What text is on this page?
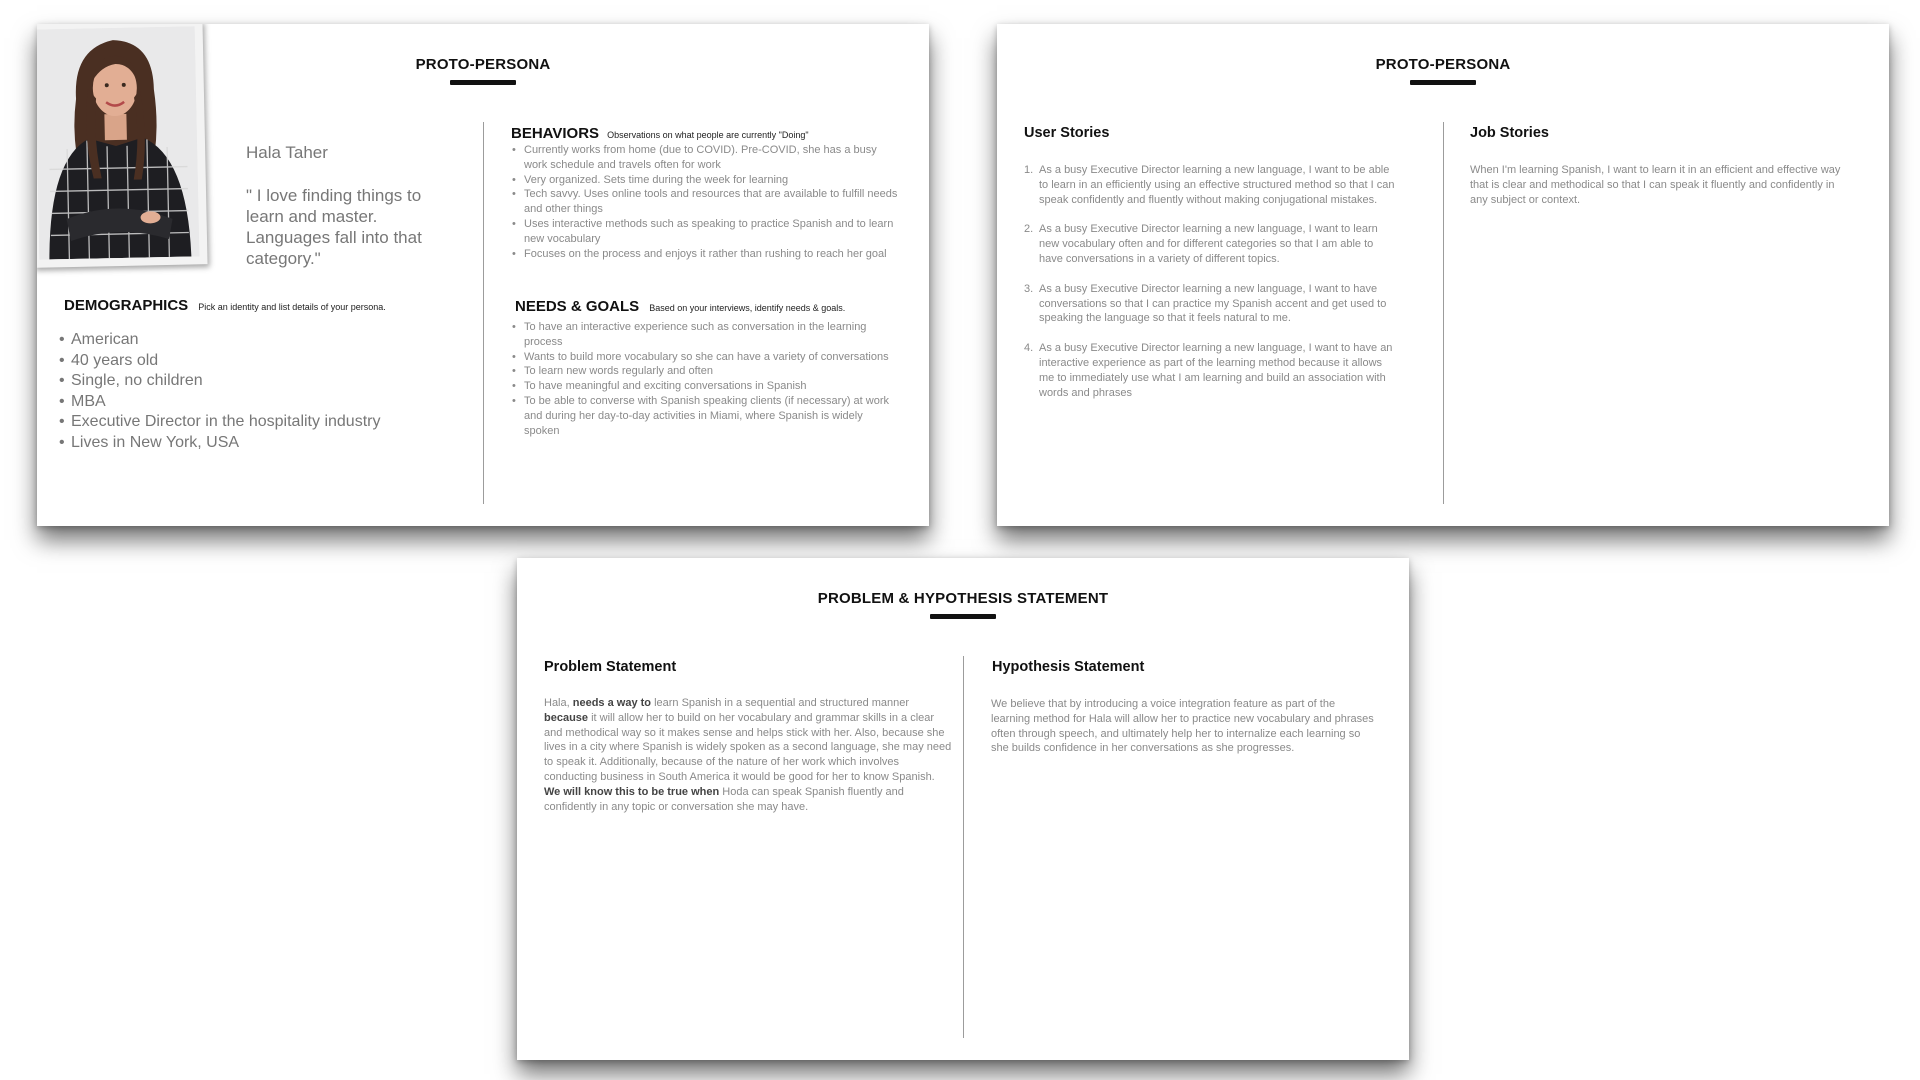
PROTO-PERSONA
Hala Taher
" I love finding things to learn and master. Languages fall into that category."
DEMOGRAPHICS Pick an identity and list details of your persona.
• American
• 40 years old
• Single, no children
• MBA
• Executive Director in the hospitality industry
• Lives in New York, USA
BEHAVIORS Observations on what people are currently "Doing"
• Currently works from home (due to COVID). Pre-COVID, she has a busy work schedule and travels often for work
• Very organized. Sets time during the week for learning
• Tech savvy. Uses online tools and resources that are available to fulfill needs and other things
• Uses interactive methods such as speaking to practice Spanish and to learn new vocabulary
• Focuses on the process and enjoys it rather than rushing to reach her goal
NEEDS & GOALS Based on your interviews, identify needs & goals.
• To have an interactive experience such as conversation in the learning process
• Wants to build more vocabulary so she can have a variety of conversations
• To learn new words regularly and often
• To have meaningful and exciting conversations in Spanish
• To be able to converse with Spanish speaking clients (if necessary) at work and during her day-to-day activities in Miami, where Spanish is widely spoken
PROTO-PERSONA
User Stories
1. As a busy Executive Director learning a new language, I want to be able to learn in an efficiently using an effective structured method so that I can speak confidently and fluently without making conjugational mistakes.
2. As a busy Executive Director learning a new language, I want to learn new vocabulary often and for different categories so that I am able to have conversations in a variety of different topics.
3. As a busy Executive Director learning a new language, I want to have conversations so that I can practice my Spanish accent and get used to speaking the language so that it feels natural to me.
4. As a busy Executive Director learning a new language, I want to have an interactive experience as part of the learning method because it allows me to immediately use what I am learning and build an association with words and phrases
Job Stories
When I'm learning Spanish, I want to learn it in an efficient and effective way that is clear and methodical so that I can speak it fluently and confidently in any subject or context.
PROBLEM & HYPOTHESIS STATEMENT
Problem Statement
Hala, needs a way to learn Spanish in a sequential and structured manner because it will allow her to build on her vocabulary and grammar skills in a clear and methodical way so it makes sense and helps stick with her. Also, because she lives in a city where Spanish is widely spoken as a second language, she may need to speak it. Additionally, because of the nature of her work which involves conducting business in South America it would be good for her to know Spanish.
We will know this to be true when Hoda can speak Spanish fluently and confidently in any topic or conversation she may have.
Hypothesis Statement
We believe that by introducing a voice integration feature as part of the learning method for Hala will allow her to practice new vocabulary and phrases often through speech, and ultimately help her to internalize each learning so she builds confidence in her conversations as she progresses.
